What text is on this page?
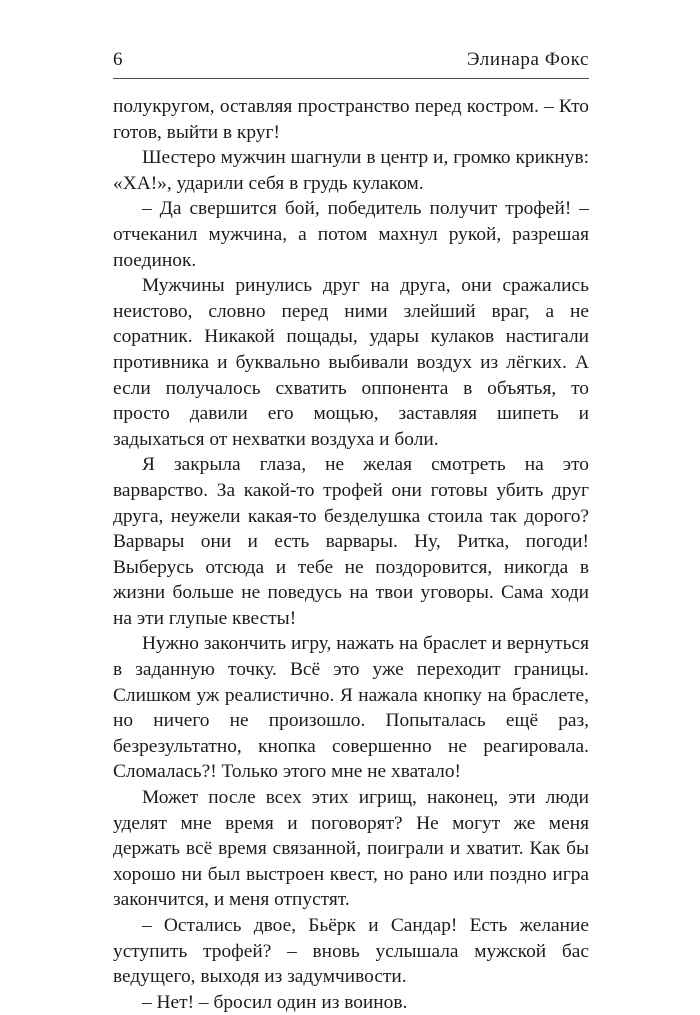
6	Элинара Фокс

полукругом, оставляя пространство перед костром. – Кто готов, выйти в круг!

Шестеро мужчин шагнули в центр и, громко крикнув: «ХА!», ударили себя в грудь кулаком.

– Да свершится бой, победитель получит трофей! – отчеканил мужчина, а потом махнул рукой, разрешая поединок.

Мужчины ринулись друг на друга, они сражались неистово, словно перед ними злейший враг, а не соратник. Никакой пощады, удары кулаков настигали противника и буквально выбивали воздух из лёгких. А если получалось схватить оппонента в объятья, то просто давили его мощью, заставляя шипеть и задыхаться от нехватки воздуха и боли.

Я закрыла глаза, не желая смотреть на это варварство. За какой-то трофей они готовы убить друг друга, неужели какая-то безделушка стоила так дорого? Варвары они и есть варвары. Ну, Ритка, погоди! Выберусь отсюда и тебе не поздоровится, никогда в жизни больше не поведусь на твои уговоры. Сама ходи на эти глупые квесты!

Нужно закончить игру, нажать на браслет и вернуться в заданную точку. Всё это уже переходит границы. Слишком уж реалистично. Я нажала кнопку на браслете, но ничего не произошло. Попыталась ещё раз, безрезультатно, кнопка совершенно не реагировала. Сломалась?! Только этого мне не хватало!

Может после всех этих игрищ, наконец, эти люди уделят мне время и поговорят? Не могут же меня держать всё время связанной, поиграли и хватит. Как бы хорошо ни был выстроен квест, но рано или поздно игра закончится, и меня отпустят.

– Остались двое, Бьёрк и Сандар! Есть желание уступить трофей? – вновь услышала мужской бас ведущего, выходя из задумчивости.

– Нет! – бросил один из воинов.
